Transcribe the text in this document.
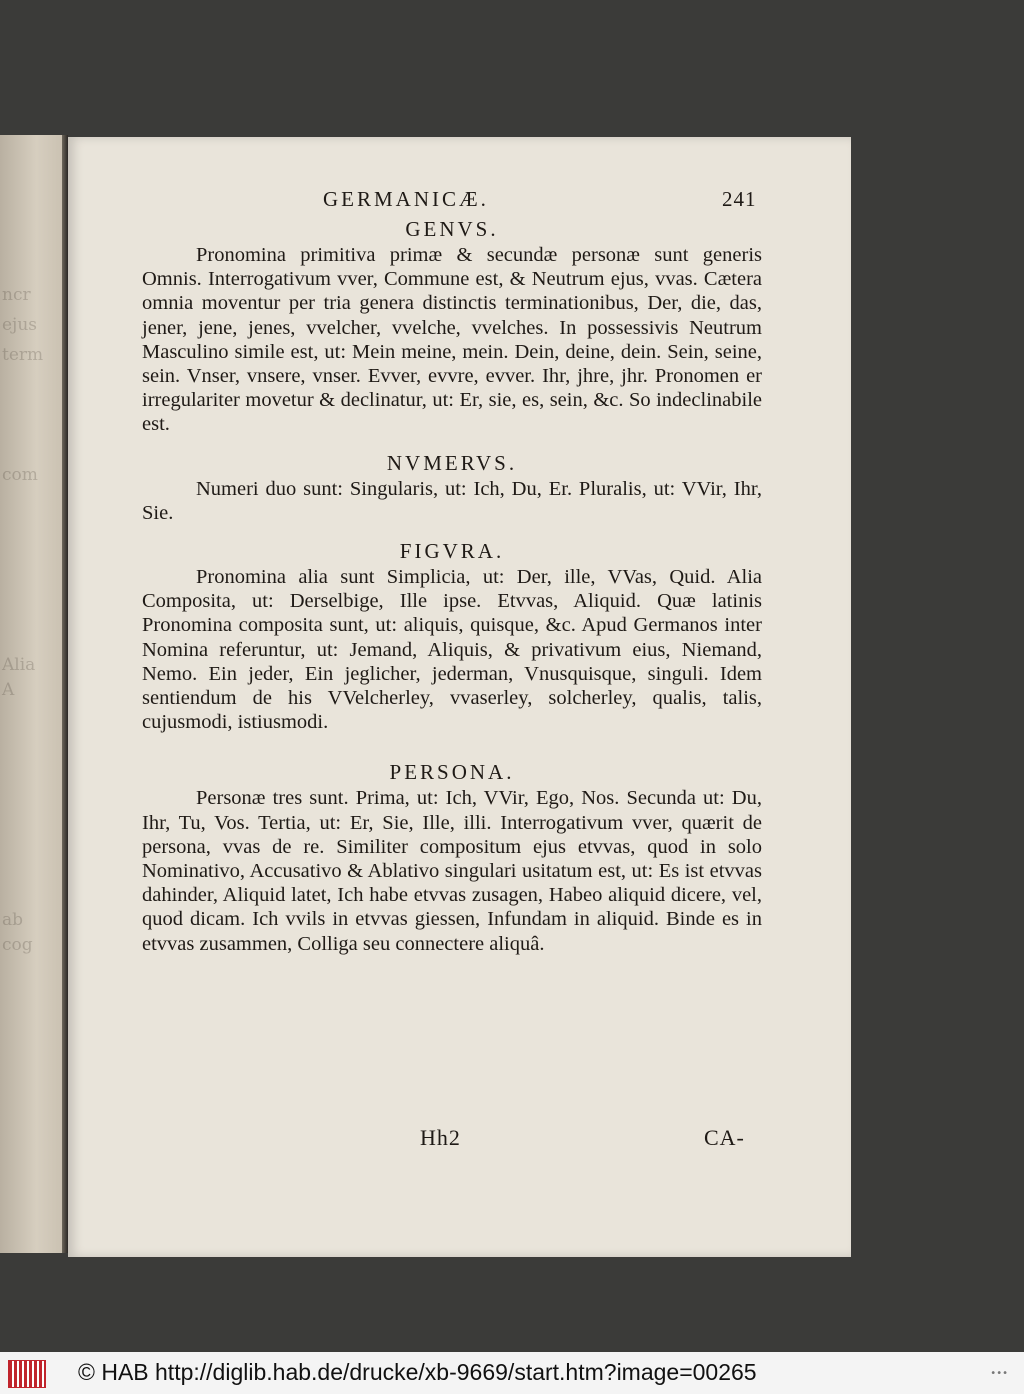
ncr
ejus
term
com
Alia
A
ab
cog
GERMANICÆ.	241
GENVS.

Pronomina primitiva primæ & secundæ personæ sunt generis Omnis. Interrogativum vver, Commune est, & Neutrum ejus, vvas. Cætera omnia moventur per tria genera distinctis terminationibus, Der, die, das, jener, jene, jenes, vvelcher, vvelche, vvelches. In possessivis Neutrum Masculino simile est, ut: Mein meine, mein. Dein, deine, dein. Sein, seine, sein. Vnser, vnsere, vnser. Evver, evvre, evver. Ihr, jhre, jhr. Pronomen er irregulariter movetur & declinatur, ut: Er, sie, es, sein, &c. So indeclinabile est.

NVMERVS.

Numeri duo sunt: Singularis, ut: Ich, Du, Er. Pluralis, ut: VVir, Ihr, Sie.

FIGVRA.

Pronomina alia sunt Simplicia, ut: Der, ille, VVas, Quid. Alia Composita, ut: Derselbige, Ille ipse. Etvvas, Aliquid. Quæ latinis Pronomina composita sunt, ut: aliquis, quisque, &c. Apud Germanos inter Nomina referuntur, ut: Jemand, Aliquis, & privativum eius, Niemand, Nemo. Ein jeder, Ein jeglicher, jederman, Vnusquisque, singuli. Idem sentiendum de his VVelcherley, vvaserley, solcherley, qualis, talis, cujusmodi, istiusmodi.

PERSONA.

Personæ tres sunt. Prima, ut: Ich, VVir, Ego, Nos. Secunda ut: Du, Ihr, Tu, Vos. Tertia, ut: Er, Sie, Ille, illi. Interrogativum vver, quærit de persona, vvas de re. Similiter compositum ejus etvvas, quod in solo Nominativo, Accusativo & Ablativo singulari usitatum est, ut: Es ist etvvas dahinder, Aliquid latet, Ich habe etvvas zusagen, Habeo aliquid dicere, vel, quod dicam. Ich vvils in etvvas giessen, Infundam in aliquid. Binde es in etvvas zusammen, Colliga seu connectere aliquâ.

Hh2	CA-
© HAB http://diglib.hab.de/drucke/xb-9669/start.htm?image=00265	•••
